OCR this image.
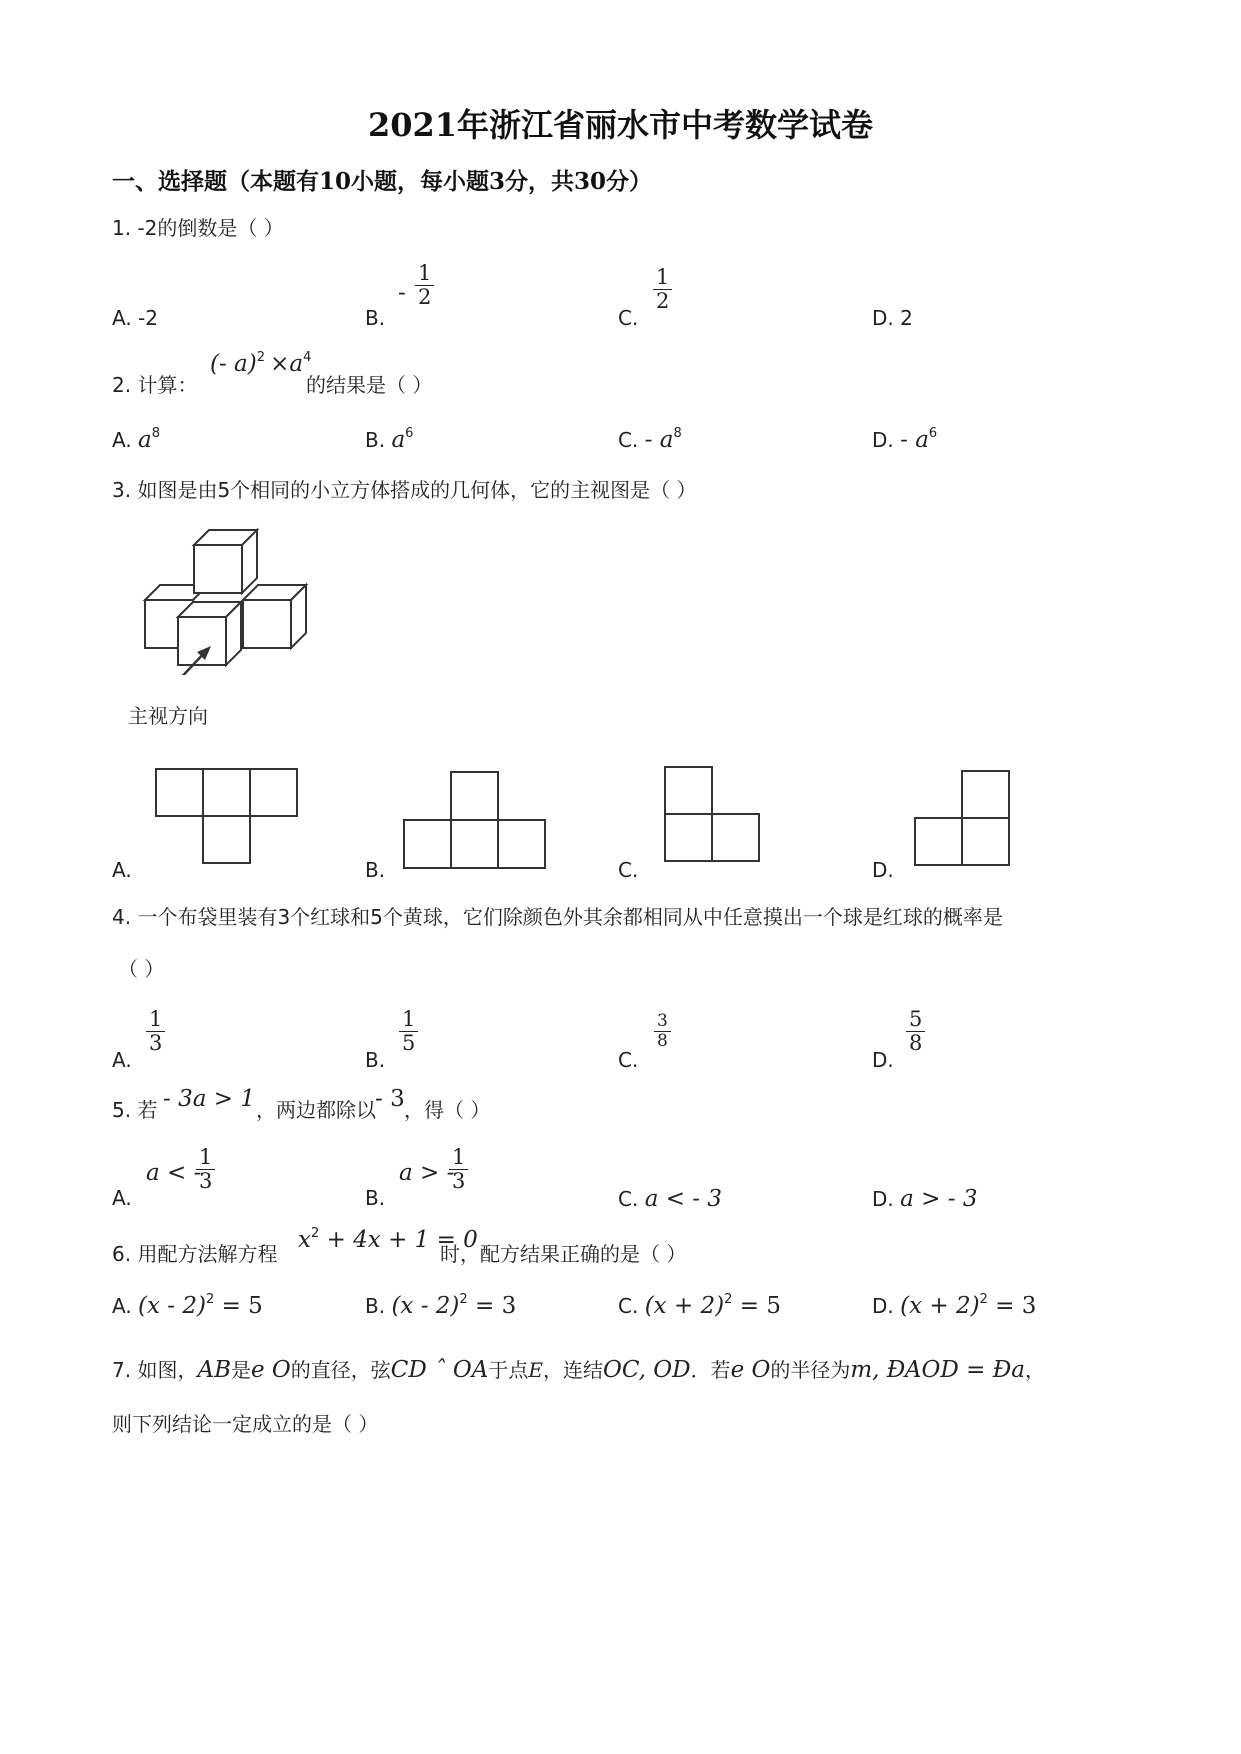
2021年浙江省丽水市中考数学试卷
一、选择题（本题有10小题，每小题3分，共30分）
1. -2的倒数是（ ）
A. -2	B.
- $\frac{1}{2}$
C.
$\frac{1}{2}$
D. 2
2. 计算：
(- $a)^2 \times a^4$
的结果是（ ）
A. $a^8$	B. $a^6$	C. - $a^8$	D. - $a^6$
3. 如图是由5个相同的小立方体搭成的几何体，它的主视图是（ ）
主视方向
A.	B.	C.	D.
4. 一个布袋里装有3个红球和5个黄球，它们除颜色外其余都相同从中任意摸出一个球是红球的概率是
（ ）
A.
$\frac{1}{3}$
B.
$\frac{1}{5}$
C.
$\frac{3}{8}$
D.
$\frac{5}{8}$
5. 若 - 3a > 1 ，两边都除以 - 3 ，得（ ）
A.
a < -
$\frac{1}{3}$
B.
a > -
$\frac{1}{3}$
C. a < - 3	D. a > - 3
6. 用配方法解方程
$x^2 + 4x + 1 = 0$
时，配方结果正确的是（ ）
A. (x - 2)$^2$ = 5	B. (x - 2)$^2$ = 3	C. $(x + 2)^2 = 5$	D. $(x + 2)^2 = 3$
7. 如图，AB是e O的直径，弦CD ˆ OA于点E，连结OC, OD．若e O的半径为m, ÐAOD = Ða，
则下列结论一定成立的是（ ）
